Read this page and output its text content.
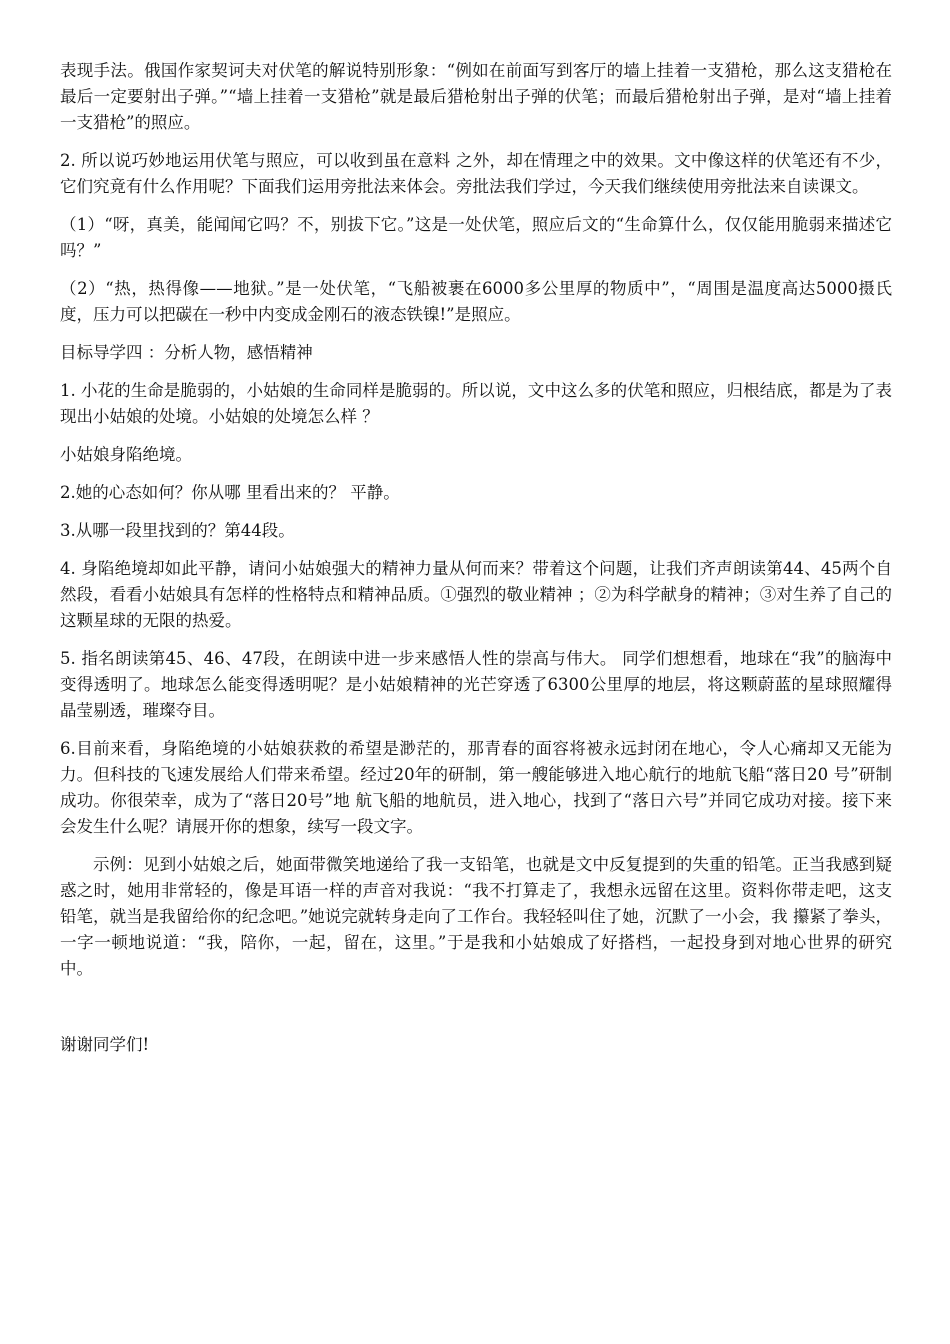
表现手法。俄国作家契诃夫对伏笔的解说特别形象：“例如在前面写到客厅的墙上挂着一支猎枪，那么这支猎枪在最后一定要射出子弹。”“墙上挂着一支猎枪”就是最后猎枪射出子弹的伏笔；而最后猎枪射出子弹，是对“墙上挂着一支猎枪”的照应。

2. 所以说巧妙地运用伏笔与照应，可以收到虽在意料 之外，却在情理之中的效果。文中像这样的伏笔还有不少，它们究竟有什么作用呢？下面我们运用旁批法来体会。旁批法我们学过，今天我们继续使用旁批法来自读课文。

（1）“呀，真美，能闻闻它吗？不，别拔下它。”这是一处伏笔，照应后文的“生命算什么，仅仅能用脆弱来描述它 吗？”

（2）“热，热得像——地狱。”是一处伏笔，“飞船被裹在6000多公里厚的物质中”，“周围是温度高达5000摄氏度，压力可以把碳在一秒中内变成金刚石的液态铁镍!”是照应。

目标导学四 ：分析人物，感悟精神

1. 小花的生命是脆弱的，小姑娘的生命同样是脆弱的。所以说，文中这么多的伏笔和照应，归根结底，都是为了表现出小姑娘的处境。小姑娘的处境怎么样 ？

小姑娘身陷绝境。

2.她的心态如何？你从哪 里看出来的？ 平静。

3.从哪一段里找到的？第44段。

4. 身陷绝境却如此平静，请问小姑娘强大的精神力量从何而来？带着这个问题，让我们齐声朗读第44、45两个自然段，看看小姑娘具有怎样的性格特点和精神品质。①强烈的敬业精神 ；②为科学献身的精神；③对生养了自己的这颗星球的无限的热爱。

5. 指名朗读第45、46、47段，在朗读中进一步来感悟人性的崇高与伟大。 同学们想想看，地球在“我”的脑海中变得透明了。地球怎么能变得透明呢？是小姑娘精神的光芒穿透了6300公里厚的地层，将这颗蔚蓝的星球照耀得晶莹剔透，璀璨夺目。

6.目前来看，身陷绝境的小姑娘获救的希望是渺茫的，那青春的面容将被永远封闭在地心，令人心痛却又无能为力。但科技的飞速发展给人们带来希望。经过20年的研制，第一艘能够进入地心航行的地航飞船“落日20 号”研制成功。你很荣幸，成为了“落日20号”地 航飞船的地航员，进入地心，找到了“落日六号”并同它成功对接。接下来会发生什么呢？请展开你的想象，续写一段文字。

示例：见到小姑娘之后，她面带微笑地递给了我一支铅笔，也就是文中反复提到的失重的铅笔。正当我感到疑惑之时，她用非常轻的，像是耳语一样的声音对我说：“我不打算走了，我想永远留在这里。资料你带走吧，这支铅笔，就当是我留给你的纪念吧。”她说完就转身走向了工作台。我轻轻叫住了她，沉默了一小会，我 攥紧了拳头，一字一顿地说道：“我，陪你，一起，留在，这里。”于是我和小姑娘成了好搭档，一起投身到对地心世界的研究中。

谢谢同学们!
